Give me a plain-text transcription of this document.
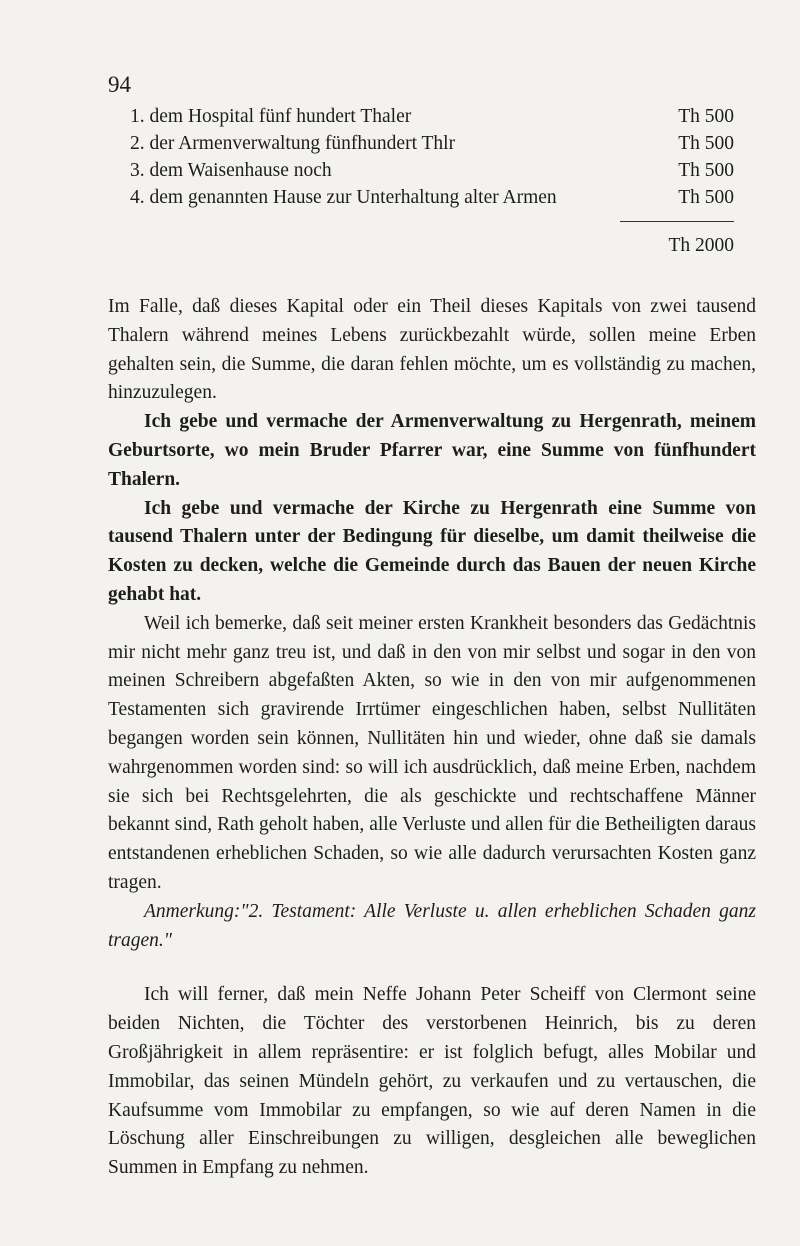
94
1. dem Hospital fünf hundert Thaler	Th 500
2. der Armenverwaltung fünfhundert Thlr	Th 500
3. dem Waisenhause noch	Th 500
4. dem genannten Hause zur Unterhaltung alter Armen	Th 500
Th 2000

Im Falle, daß dieses Kapital oder ein Theil dieses Kapitals von zwei tausend Thalern während meines Lebens zurückbezahlt würde, sollen meine Erben gehalten sein, die Summe, die daran fehlen möchte, um es vollständig zu machen, hinzuzulegen.

Ich gebe und vermache der Armenverwaltung zu Hergenrath, meinem Geburtsorte, wo mein Bruder Pfarrer war, eine Summe von fünfhundert Thalern.

Ich gebe und vermache der Kirche zu Hergenrath eine Summe von tausend Thalern unter der Bedingung für dieselbe, um damit theilweise die Kosten zu decken, welche die Gemeinde durch das Bauen der neuen Kirche gehabt hat.

Weil ich bemerke, daß seit meiner ersten Krankheit besonders das Gedächtnis mir nicht mehr ganz treu ist, und daß in den von mir selbst und sogar in den von meinen Schreibern abgefaßten Akten, so wie in den von mir aufgenommenen Testamenten sich gravirende Irrtümer eingeschlichen haben, selbst Nullitäten begangen worden sein können, Nullitäten hin und wieder, ohne daß sie damals wahrgenommen worden sind: so will ich ausdrücklich, daß meine Erben, nachdem sie sich bei Rechtsgelehrten, die als geschickte und rechtschaffene Männer bekannt sind, Rath geholt haben, alle Verluste und allen für die Betheiligten daraus entstandenen erheblichen Schaden, so wie alle dadurch verursachten Kosten ganz tragen.

Anmerkung:"2. Testament: Alle Verluste u. allen erheblichen Schaden ganz tragen."

Ich will ferner, daß mein Neffe Johann Peter Scheiff von Clermont seine beiden Nichten, die Töchter des verstorbenen Heinrich, bis zu deren Großjährigkeit in allem repräsentire: er ist folglich befugt, alles Mobilar und Immobilar, das seinen Mündeln gehört, zu verkaufen und zu vertauschen, die Kaufsumme vom Immobilar zu empfangen, so wie auf deren Namen in die Löschung aller Einschreibungen zu willigen, desgleichen alle beweglichen Summen in Empfang zu nehmen.
